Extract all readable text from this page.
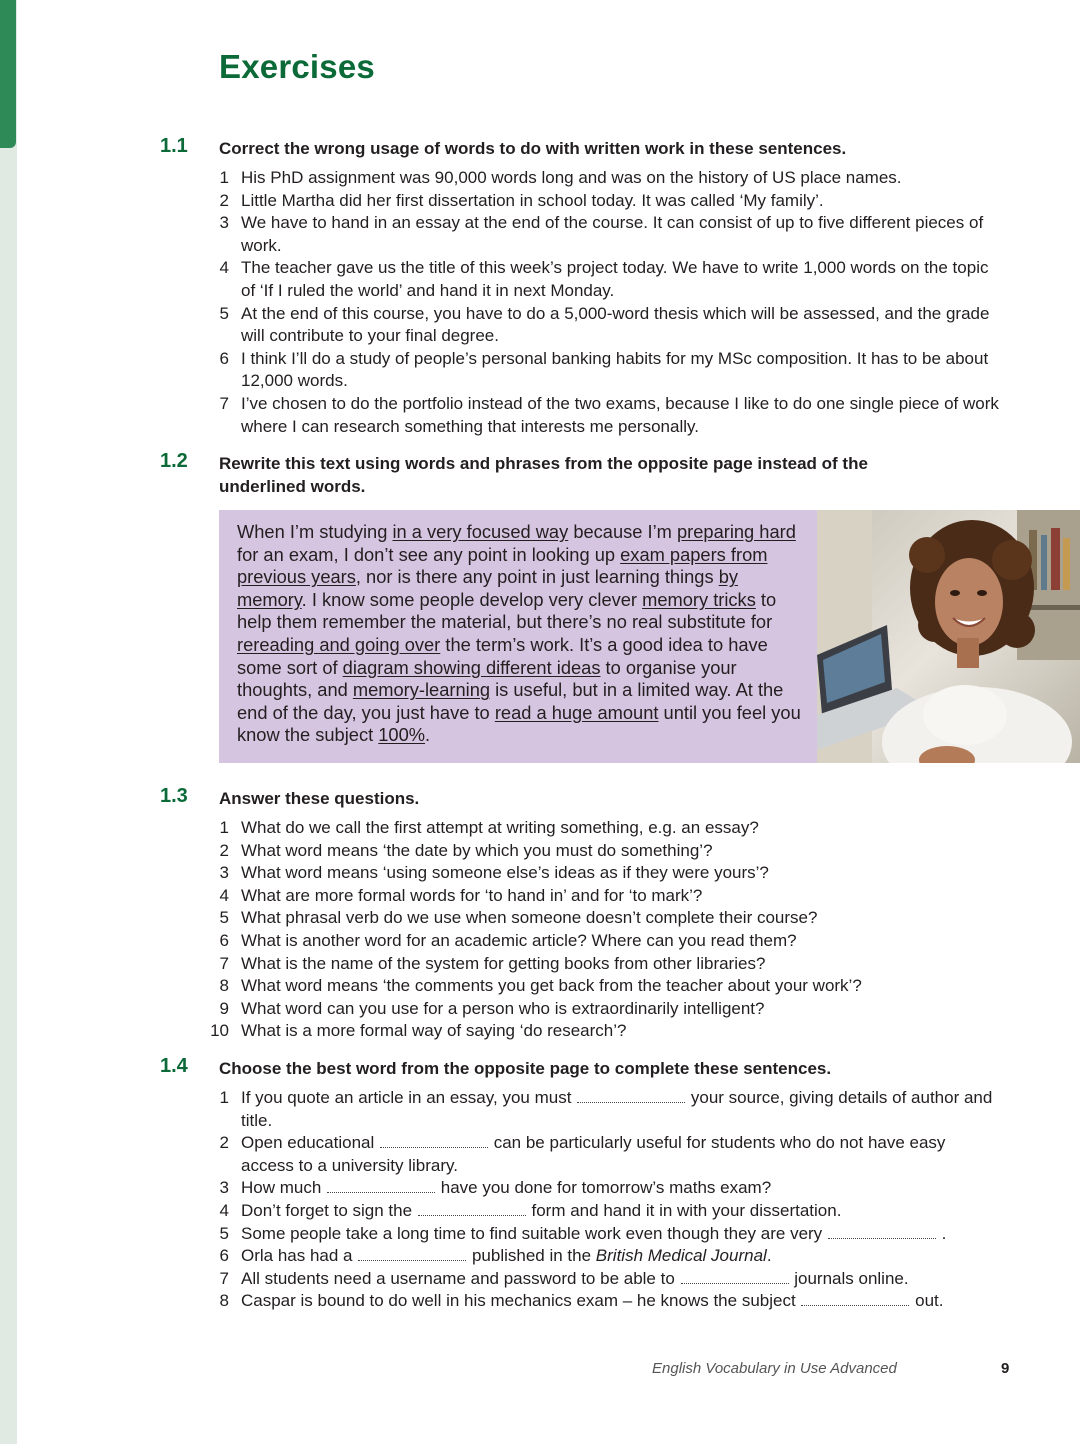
Exercises
1.1 Correct the wrong usage of words to do with written work in these sentences.
1 His PhD assignment was 90,000 words long and was on the history of US place names.
2 Little Martha did her first dissertation in school today. It was called ‘My family’.
3 We have to hand in an essay at the end of the course. It can consist of up to five different pieces of work.
4 The teacher gave us the title of this week’s project today. We have to write 1,000 words on the topic of ‘If I ruled the world’ and hand it in next Monday.
5 At the end of this course, you have to do a 5,000-word thesis which will be assessed, and the grade will contribute to your final degree.
6 I think I’ll do a study of people’s personal banking habits for my MSc composition. It has to be about 12,000 words.
7 I’ve chosen to do the portfolio instead of the two exams, because I like to do one single piece of work where I can research something that interests me personally.
1.2 Rewrite this text using words and phrases from the opposite page instead of the underlined words.
When I’m studying in a very focused way because I’m preparing hard for an exam, I don’t see any point in looking up exam papers from previous years, nor is there any point in just learning things by memory. I know some people develop very clever memory tricks to help them remember the material, but there’s no real substitute for rereading and going over the term’s work. It’s a good idea to have some sort of diagram showing different ideas to organise your thoughts, and memory-learning is useful, but in a limited way. At the end of the day, you just have to read a huge amount until you feel you know the subject 100%.
1.3 Answer these questions.
1 What do we call the first attempt at writing something, e.g. an essay?
2 What word means ‘the date by which you must do something’?
3 What word means ‘using someone else’s ideas as if they were yours’?
4 What are more formal words for ‘to hand in’ and for ‘to mark’?
5 What phrasal verb do we use when someone doesn’t complete their course?
6 What is another word for an academic article? Where can you read them?
7 What is the name of the system for getting books from other libraries?
8 What word means ‘the comments you get back from the teacher about your work’?
9 What word can you use for a person who is extraordinarily intelligent?
10 What is a more formal way of saying ‘do research’?
1.4 Choose the best word from the opposite page to complete these sentences.
1 If you quote an article in an essay, you must	your source, giving details of author and title.
2 Open educational	can be particularly useful for students who do not have easy access to a university library.
3 How much	have you done for tomorrow’s maths exam?
4 Don’t forget to sign the	form and hand it in with your dissertation.
5 Some people take a long time to find suitable work even though they are very	.
6 Orla has had a	published in the British Medical Journal.
7 All students need a username and password to be able to	journals online.
8 Caspar is bound to do well in his mechanics exam – he knows the subject	out.
English Vocabulary in Use Advanced	9
